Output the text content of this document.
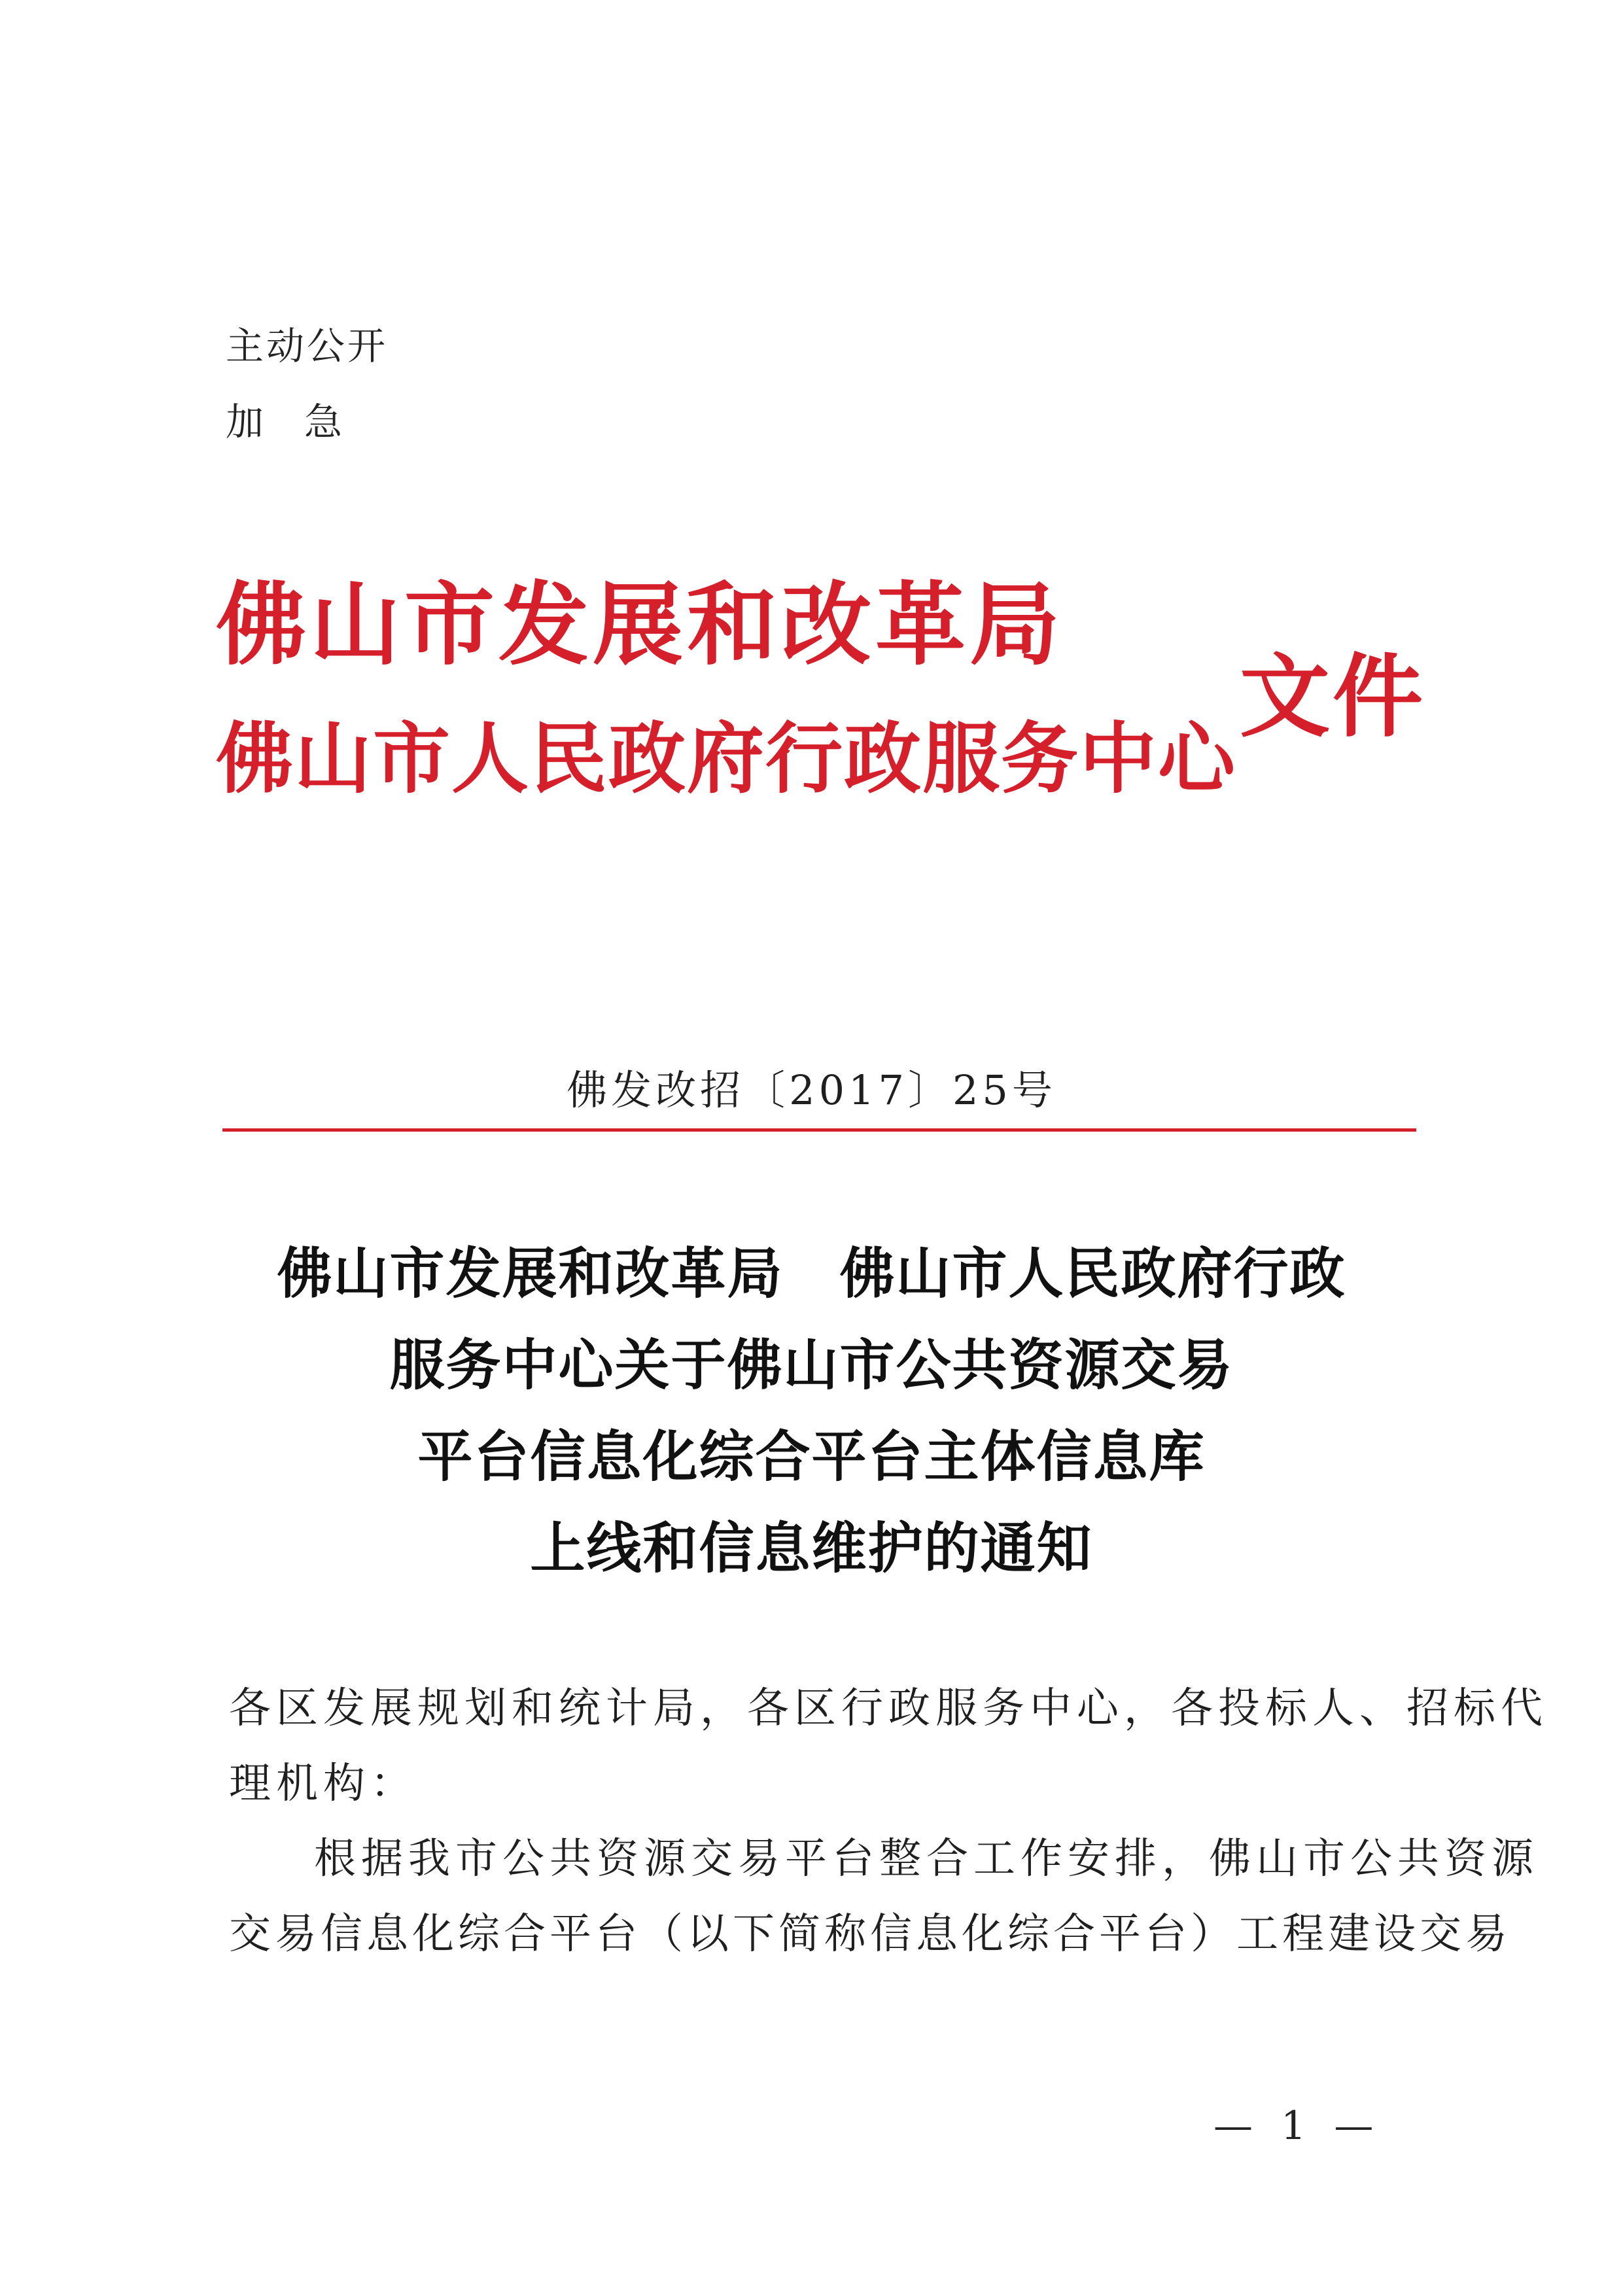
主动公开
加急
佛山市发展和改革局
佛山市人民政府行政服务中心
文件
佛发改招〔2017〕25号
佛山市发展和改革局　佛山市人民政府行政
服务中心关于佛山市公共资源交易
平台信息化综合平台主体信息库
上线和信息维护的通知
各区发展规划和统计局，各区行政服务中心，各投标人、招标代
理机构：
根据我市公共资源交易平台整合工作安排，佛山市公共资源
交易信息化综合平台（以下简称信息化综合平台）工程建设交易
— 1 —
